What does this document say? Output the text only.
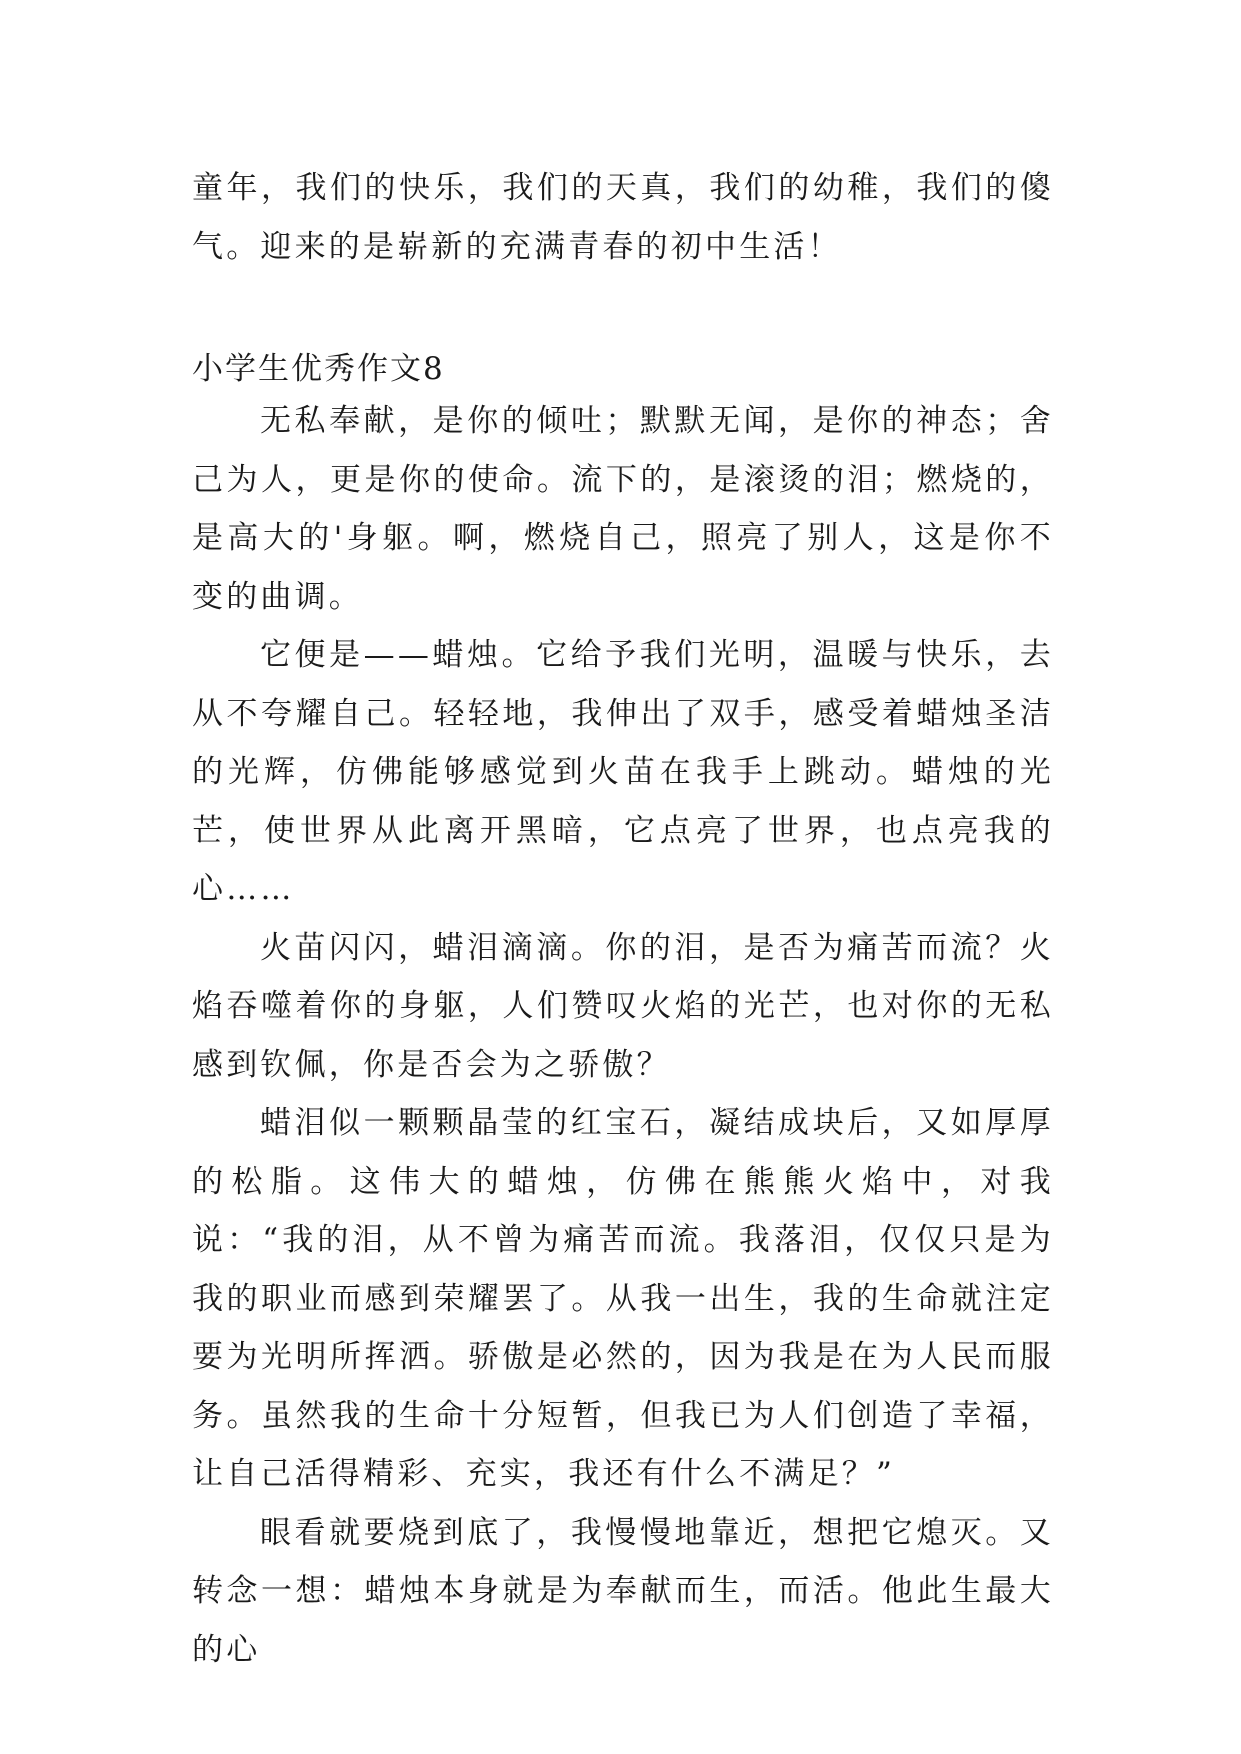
童年，我们的快乐，我们的天真，我们的幼稚，我们的傻气。迎来的是崭新的充满青春的初中生活！

小学生优秀作文8

无私奉献，是你的倾吐；默默无闻，是你的神态；舍己为人，更是你的使命。流下的，是滚烫的泪；燃烧的，是高大的'身躯。啊，燃烧自己，照亮了别人，这是你不变的曲调。

它便是——蜡烛。它给予我们光明，温暖与快乐，去从不夸耀自己。轻轻地，我伸出了双手，感受着蜡烛圣洁的光辉，仿佛能够感觉到火苗在我手上跳动。蜡烛的光芒，使世界从此离开黑暗，它点亮了世界，也点亮我的心……

火苗闪闪，蜡泪滴滴。你的泪，是否为痛苦而流？火焰吞噬着你的身躯，人们赞叹火焰的光芒，也对你的无私感到钦佩，你是否会为之骄傲？

蜡泪似一颗颗晶莹的红宝石，凝结成块后，又如厚厚的松脂。这伟大的蜡烛，仿佛在熊熊火焰中，对我说：“我的泪，从不曾为痛苦而流。我落泪，仅仅只是为我的职业而感到荣耀罢了。从我一出生，我的生命就注定要为光明所挥洒。骄傲是必然的，因为我是在为人民而服务。虽然我的生命十分短暂，但我已为人们创造了幸福，让自己活得精彩、充实，我还有什么不满足？”

眼看就要烧到底了，我慢慢地靠近，想把它熄灭。又转念一想：蜡烛本身就是为奉献而生，而活。他此生最大的心
